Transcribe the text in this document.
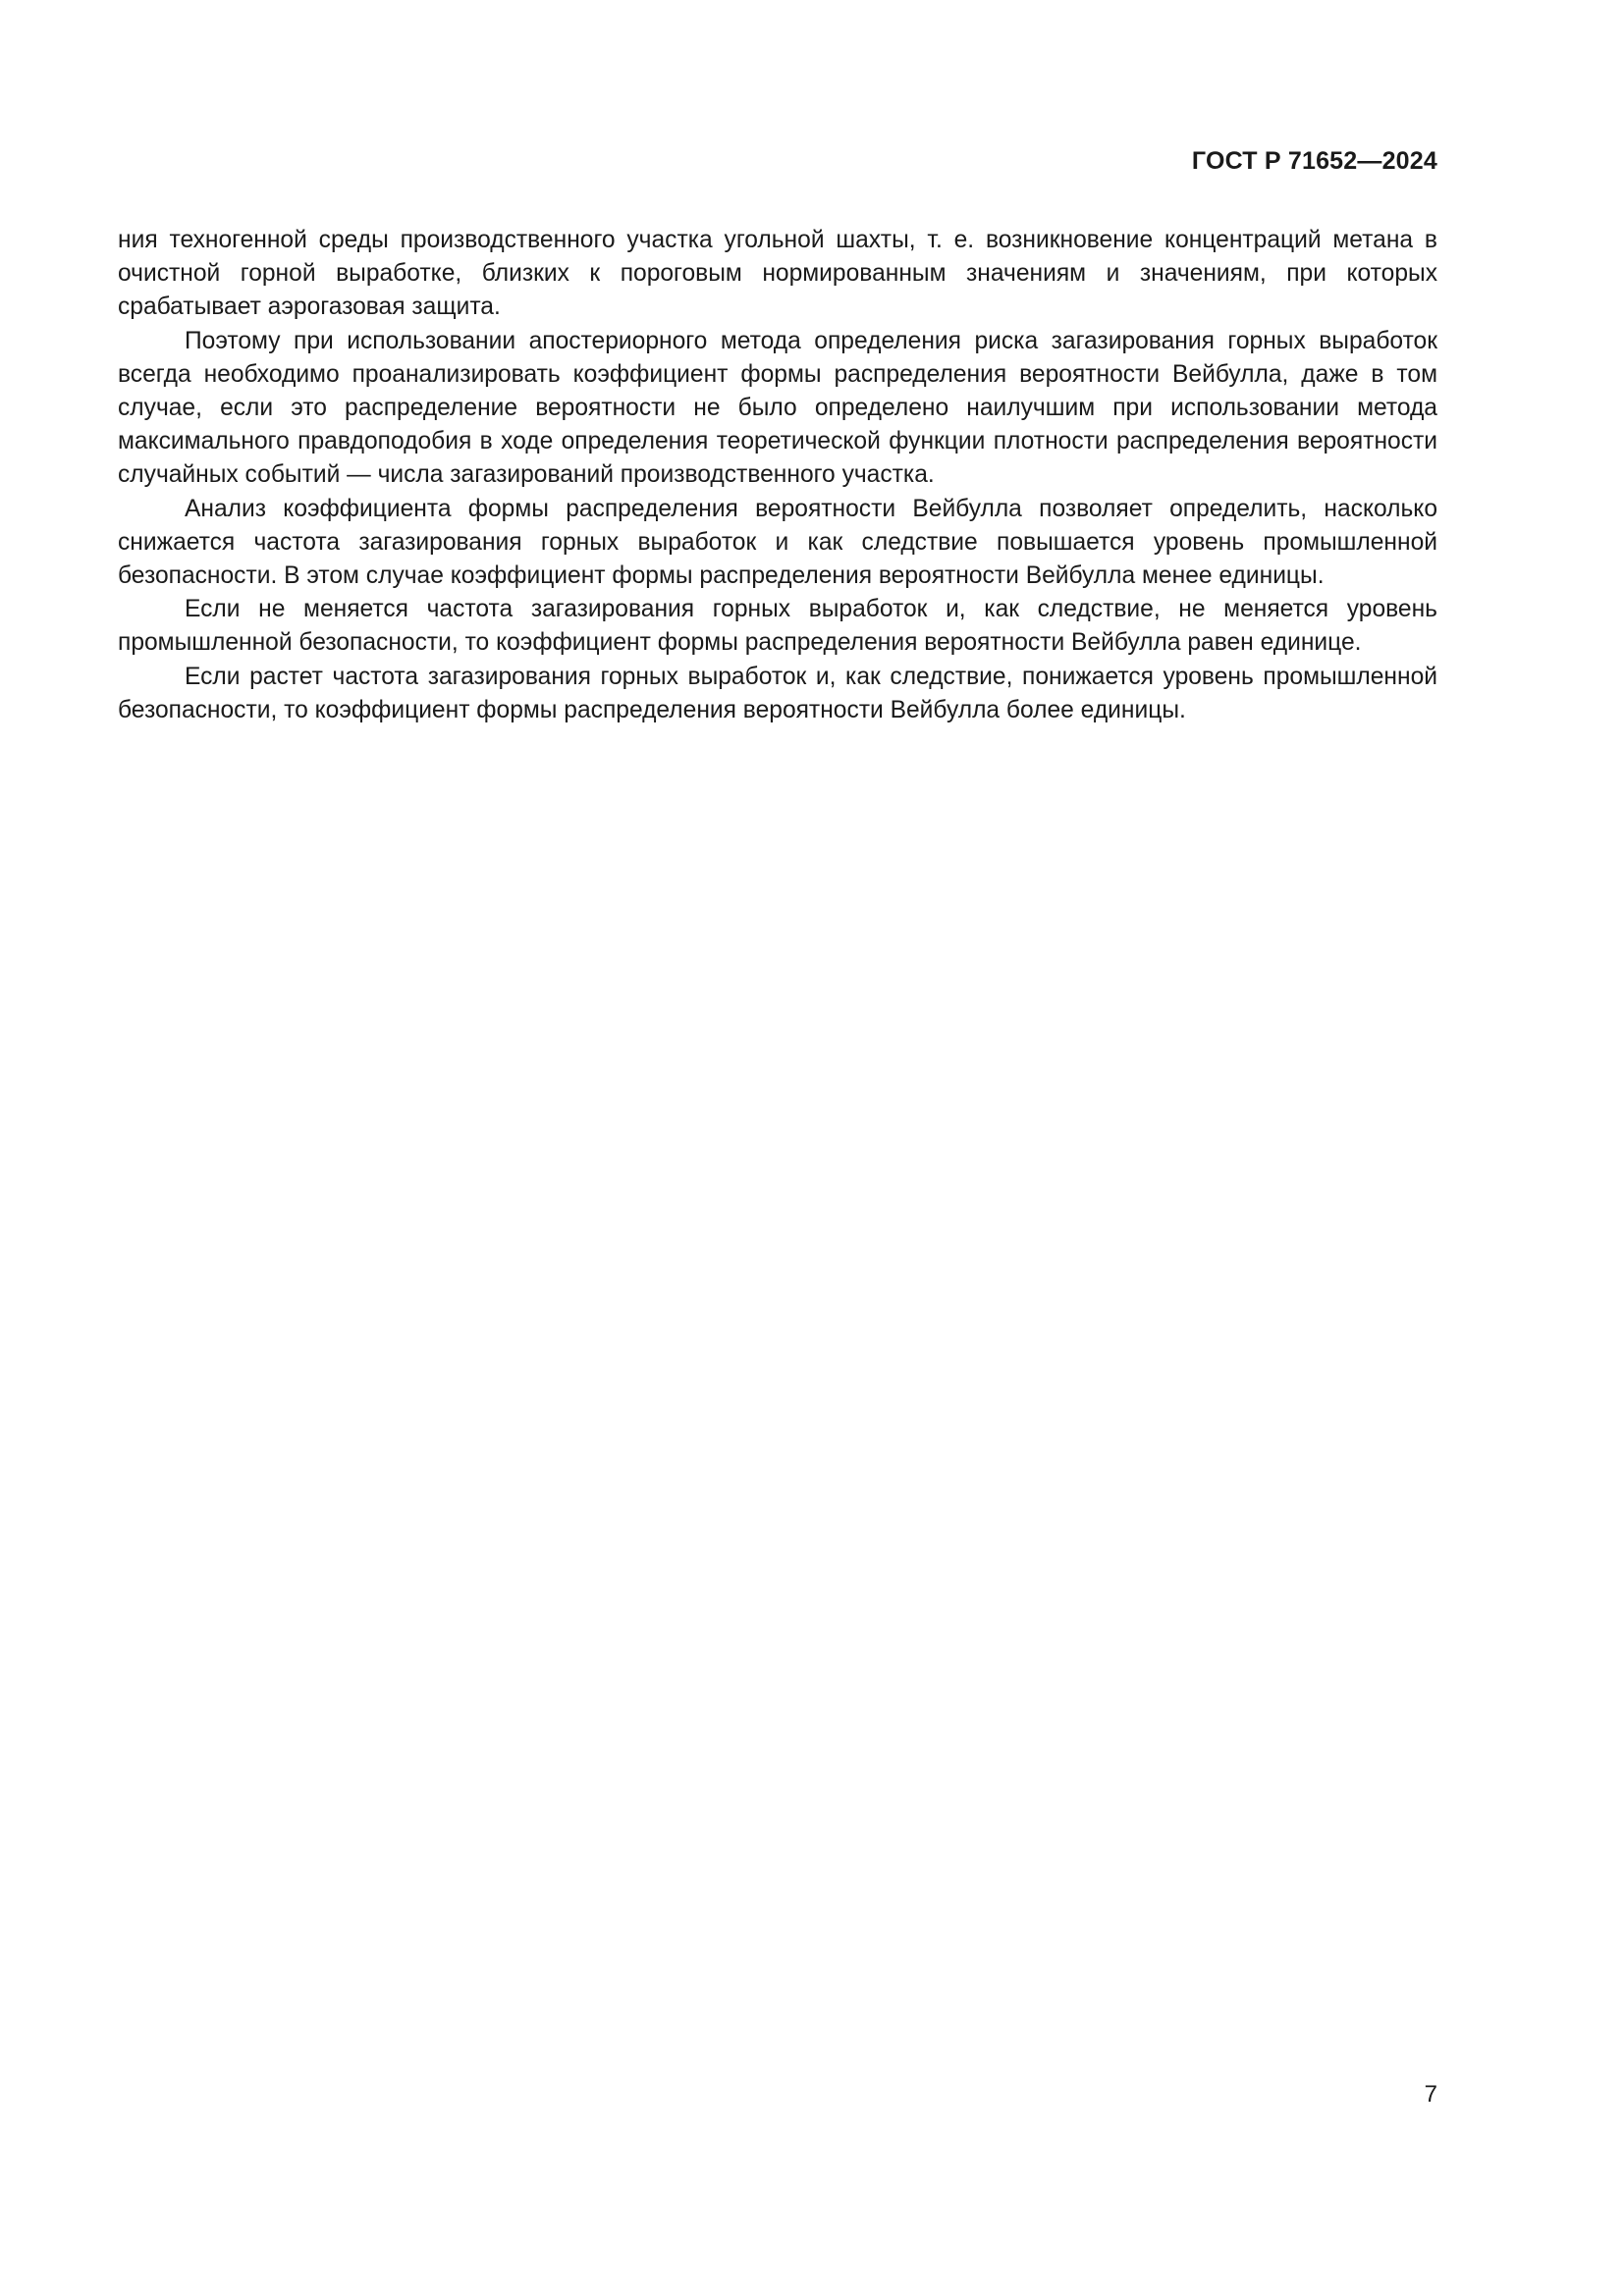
ГОСТ Р 71652—2024

ния техногенной среды производственного участка угольной шахты, т. е. возникновение концентраций метана в очистной горной выработке, близких к пороговым нормированным значениям и значениям, при которых срабатывает аэрогазовая защита.

Поэтому при использовании апостериорного метода определения риска загазирования горных выработок всегда необходимо проанализировать коэффициент формы распределения вероятности Вейбулла, даже в том случае, если это распределение вероятности не было определено наилучшим при использовании метода максимального правдоподобия в ходе определения теоретической функции плотности распределения вероятности случайных событий — числа загазирований производственного участка.

Анализ коэффициента формы распределения вероятности Вейбулла позволяет определить, насколько снижается частота загазирования горных выработок и как следствие повышается уровень промышленной безопасности. В этом случае коэффициент формы распределения вероятности Вейбулла менее единицы.

Если не меняется частота загазирования горных выработок и, как следствие, не меняется уровень промышленной безопасности, то коэффициент формы распределения вероятности Вейбулла равен единице.

Если растет частота загазирования горных выработок и, как следствие, понижается уровень промышленной безопасности, то коэффициент формы распределения вероятности Вейбулла более единицы.

7
